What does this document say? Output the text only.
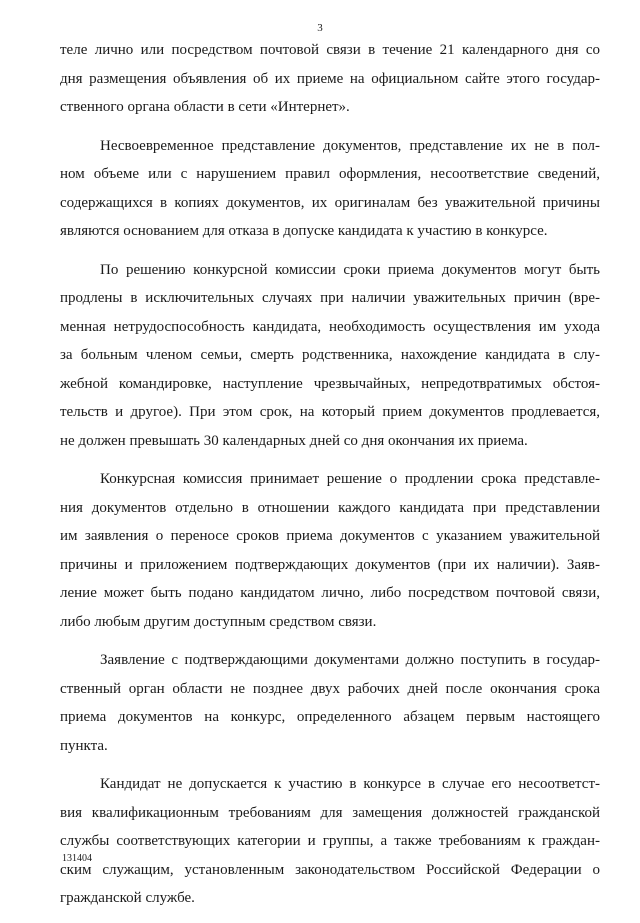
3

теле лично или посредством почтовой связи в течение 21 календарного дня со
дня размещения объявления об их приеме на официальном сайте этого государ-
ственного органа области в сети «Интернет».

Несвоевременное представление документов, представление их не в пол-
ном объеме или с нарушением правил оформления, несоответствие сведений,
содержащихся в копиях документов, их оригиналам без уважительной причины
являются основанием для отказа в допуске кандидата к участию в конкурсе.

По решению конкурсной комиссии сроки приема документов могут быть
продлены в исключительных случаях при наличии уважительных причин (вре-
менная нетрудоспособность кандидата, необходимость осуществления им ухода
за больным членом семьи, смерть родственника, нахождение кандидата в слу-
жебной командировке, наступление чрезвычайных, непредотвратимых обстоя-
тельств и другое). При этом срок, на который прием документов продлевается,
не должен превышать 30 календарных дней со дня окончания их приема.

Конкурсная комиссия принимает решение о продлении срока представле-
ния документов отдельно в отношении каждого кандидата при представлении
им заявления о переносе сроков приема документов с указанием уважительной
причины и приложением подтверждающих документов (при их наличии). Заяв-
ление может быть подано кандидатом лично, либо посредством почтовой связи,
либо любым другим доступным средством связи.

Заявление с подтверждающими документами должно поступить в государ-
ственный орган области не позднее двух рабочих дней после окончания срока
приема документов на конкурс, определенного абзацем первым настоящего
пункта.

Кандидат не допускается к участию в конкурсе в случае его несоответст-
вия квалификационным требованиям для замещения должностей гражданской
службы соответствующих категории и группы, а также требованиям к граждан-
ским служащим, установленным законодательством Российской Федерации о
гражданской службе.

131404
